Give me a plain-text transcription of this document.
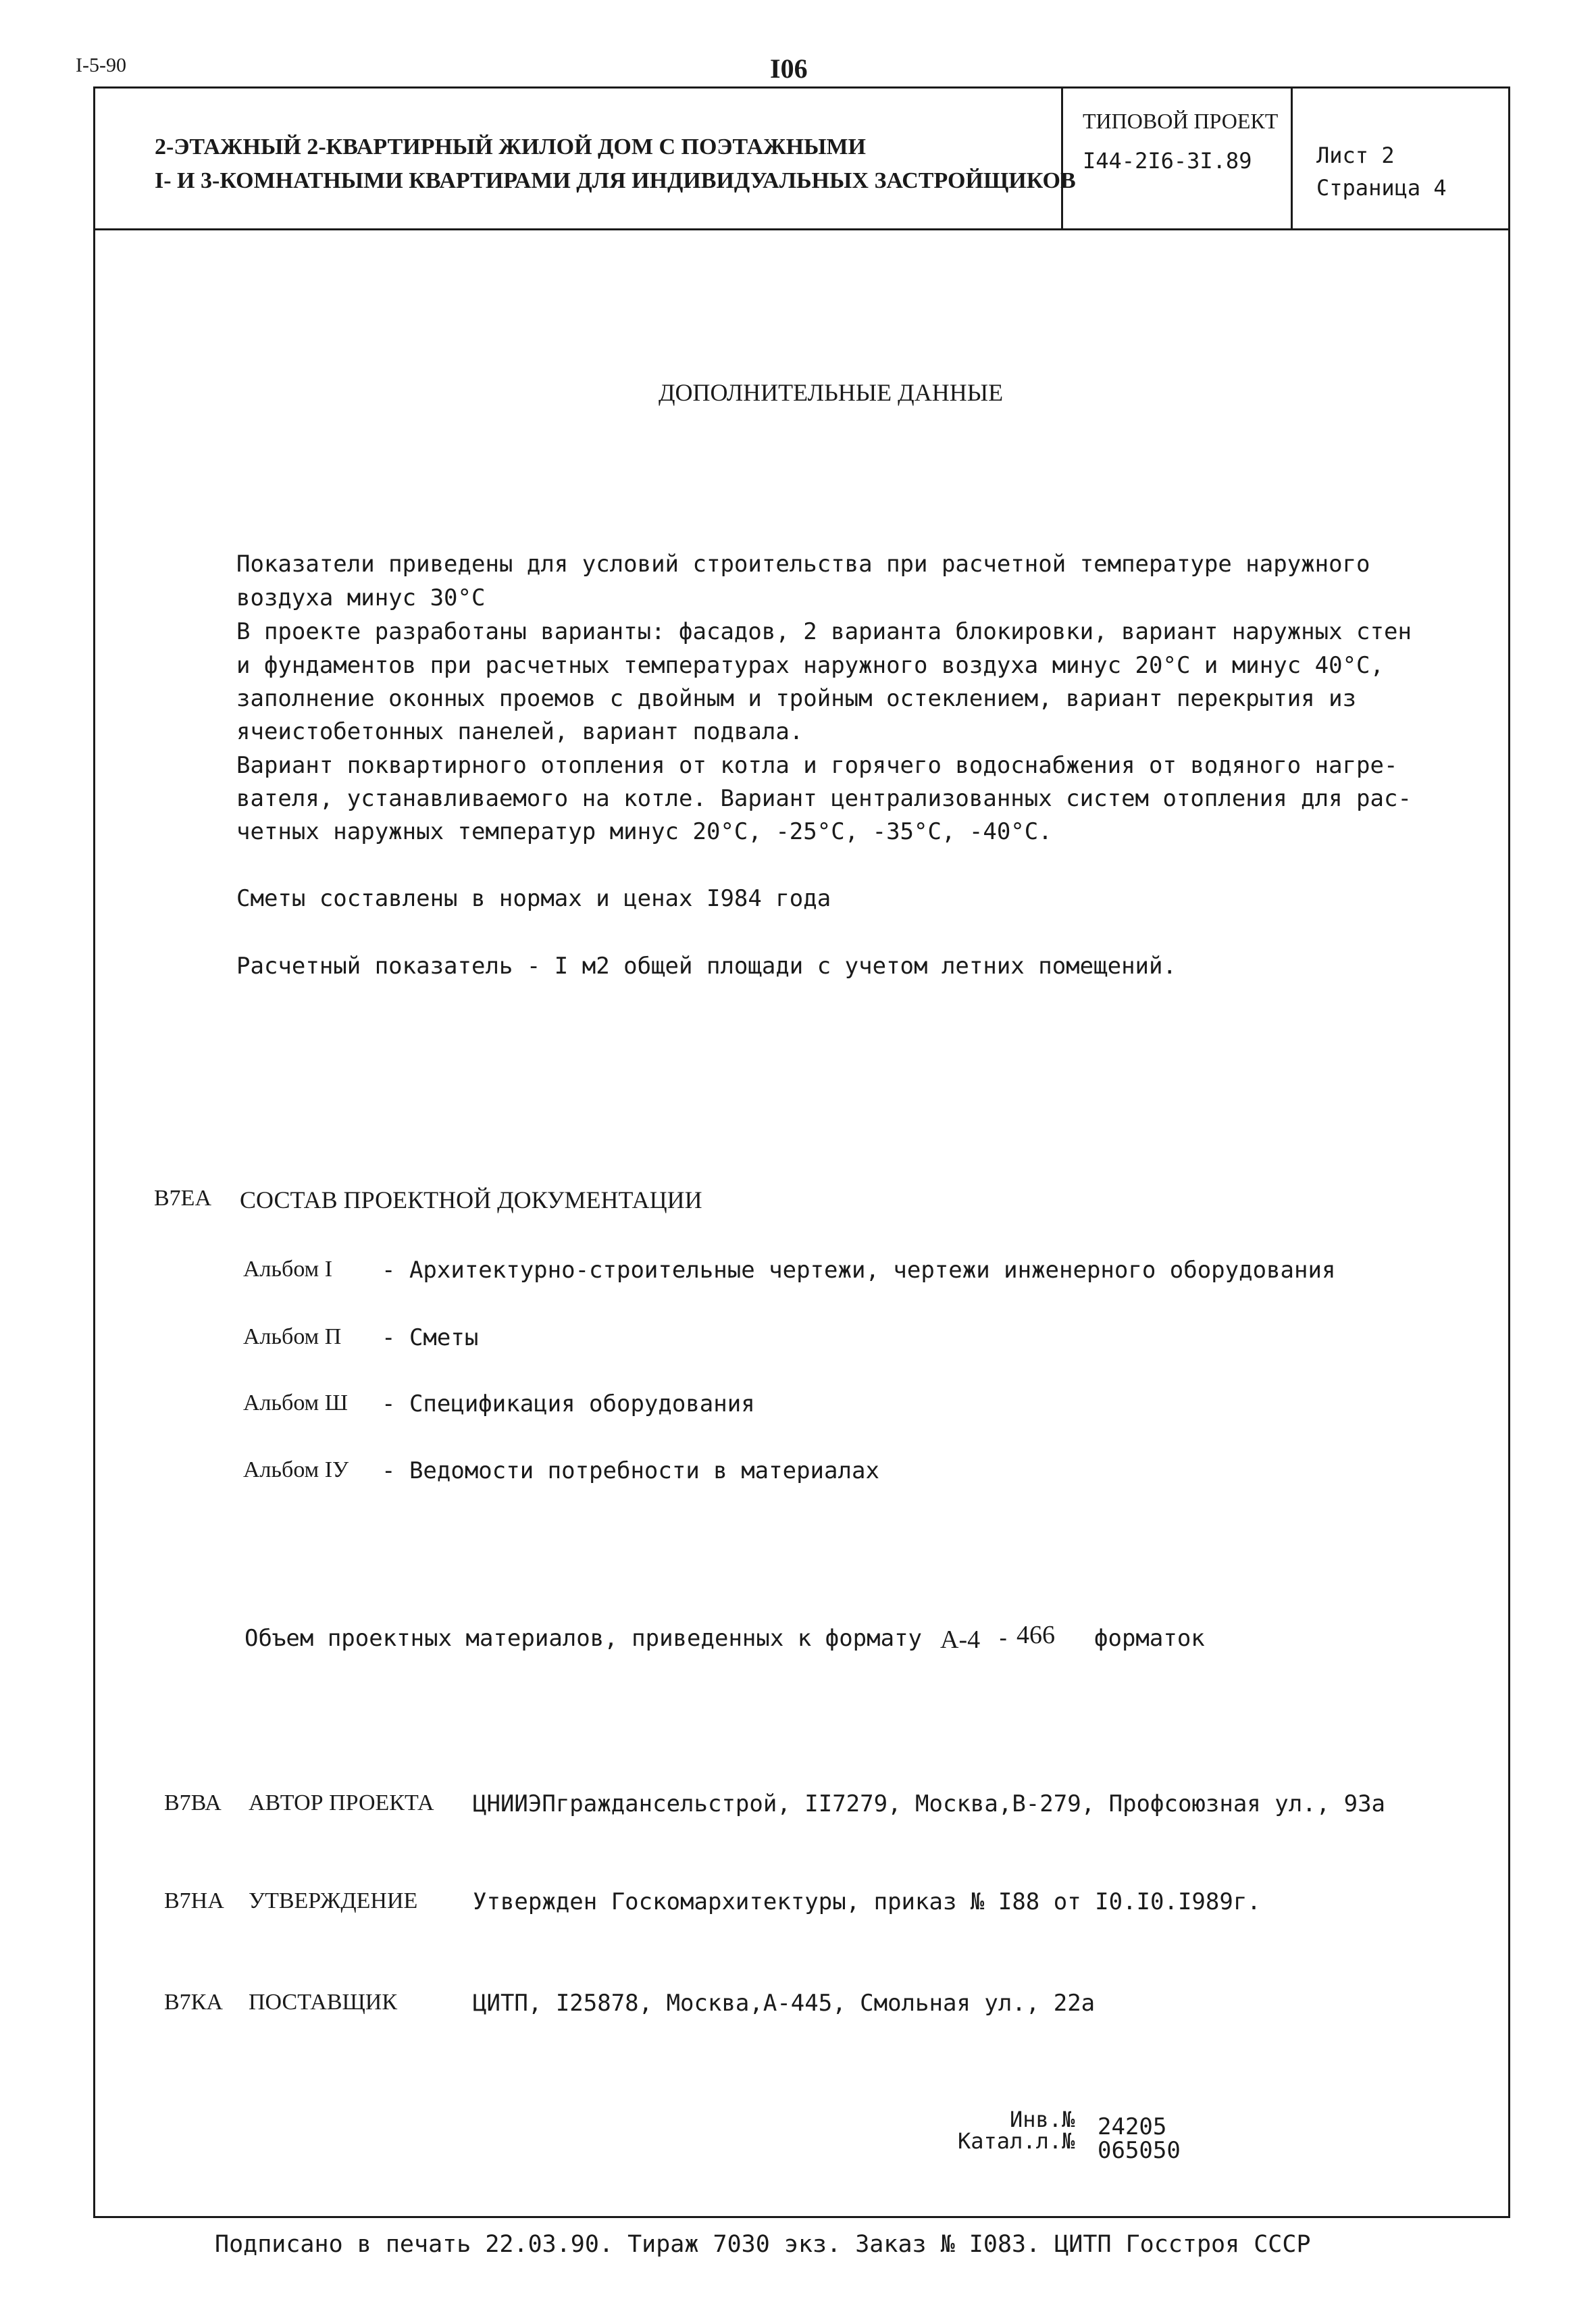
I-5-90	I06
2-ЭТАЖНЫЙ 2-КВАРТИРНЫЙ ЖИЛОЙ ДОМ С ПОЭТАЖНЫМИ
I- И 3-КОМНАТНЫМИ КВАРТИРАМИ ДЛЯ ИНДИВИДУАЛЬНЫХ ЗАСТРОЙЩИКОВ
ТИПОВОЙ ПРОЕКТ
I44-2I6-3I.89	Лист 2
Страница 4
ДОПОЛНИТЕЛЬНЫЕ ДАННЫЕ
Показатели приведены для условий строительства при расчетной температуре наружного
воздуха минус 30°С
В проекте разработаны варианты: фасадов, 2 варианта блокировки, вариант наружных стен
и фундаментов при расчетных температурах наружного воздуха минус 20°С и минус 40°С,
заполнение оконных проемов с двойным и тройным остеклением, вариант перекрытия из
ячеистобетонных панелей, вариант подвала.
Вариант поквартирного отопления от котла и горячего водоснабжения от водяного нагре-
вателя, устанавливаемого на котле. Вариант централизованных систем отопления для рас-
четных наружных температур минус 20°С, -25°С, -35°С, -40°С.
Сметы составлены в нормах и ценах I984 года
Расчетный показатель - I м2 общей площади с учетом летних помещений.
В7ЕА СОСТАВ ПРОЕКТНОЙ ДОКУМЕНТАЦИИ
Альбом I - Архитектурно-строительные чертежи, чертежи инженерного оборудования
Альбом П - Сметы
Альбом Ш - Спецификация оборудования
Альбом IУ - Ведомости потребности в материалах
Объем проектных материалов, приведенных к формату А-4 - 466 форматок
В7ВА АВТОР ПРОЕКТА ЦНИИЭПграждансельстрой, II7279, Москва,В-279, Профсоюзная ул., 93а
В7НА УТВЕРЖДЕНИЕ Утвержден Госкомархитектуры, приказ № I88 от I0.I0.I989г.
В7КА ПОСТАВЩИК	ЦИТП, I25878, Москва,А-445, Смольная ул., 22а
Инв.№ 24205
Катал.л.№ 065050
Подписано в печать 22.03.90. Тираж 7030 экз. Заказ № I083. ЦИТП Госстроя СССР
